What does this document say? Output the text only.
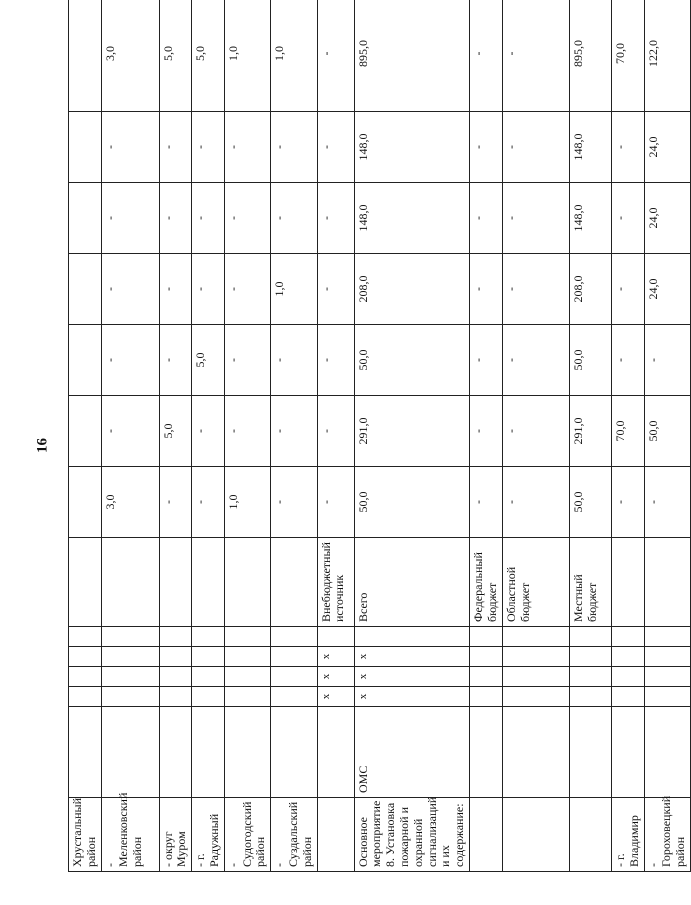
16
Хрустальный район													
- Меленковский район							3,0	-	-	-	-	-	3,0
- округ Муром							-	5,0	-	-	-	-	5,0
- г. Радужный							-	-	5,0	-	-	-	5,0
- Судогодский район							1,0	-	-	-	-	-	1,0
- Суздальский район							-	-	-	1,0	-	-	1,0
		х	х	х		Внебюджетный источник	-	-	-	-	-	-	-
Основное мероприятие 8. Установка пожарной и охранной сигнализаций и их содержание:	ОМС	х	х	х		Всего	50,0	291,0	50,0	208,0	148,0	148,0	895,0
						Федеральный бюджет	-	-	-	-	-	-	-
						Областной бюджет	-	-	-	-	-	-	-
						Местный бюджет	50,0	291,0	50,0	208,0	148,0	148,0	895,0
- г. Владимир							-	70,0	-	-	-	-	70,0
- Гороховецкий район							-	50,0	-	24,0	24,0	24,0	122,0
